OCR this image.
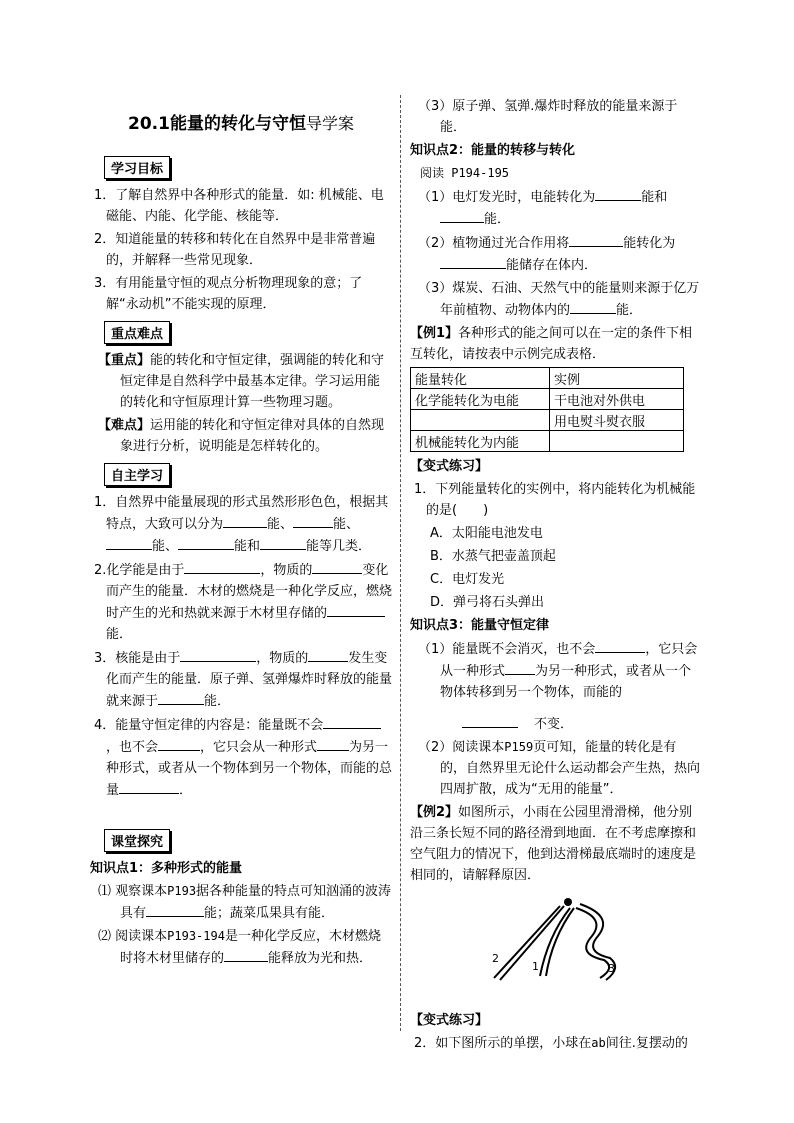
20.1能量的转化与守恒导学案
学习目标

1．了解自然界中各种形式的能量．如: 机械能、电磁能、内能、化学能、核能等．

2．知道能量的转移和转化在自然界中是非常普遍的，并解释一些常见现象．

3．有用能量守恒的观点分析物理现象的意；了解“永动机”不能实现的原理．

重点难点

【重点】能的转化和守恒定律，强调能的转化和守恒定律是自然科学中最基本定律。学习运用能的转化和守恒原理计算一些物理习题。

【难点】运用能的转化和守恒定律对具体的自然现象进行分析，说明能是怎样转化的。

自主学习

1．自然界中能量展现的形式虽然形形色色，根据其特点，大致可以分为	能、	能、能、	能和	能等几类．

2.化学能是由于	，物质的	变化而产生的能量．木材的燃烧是一种化学反应，燃烧时产生的光和热就来源于木材里存储的能．

3．核能是由于	，物质的	发生变化而产生的能量．原子弹、氢弹爆炸时释放的能量就来源于	能．

4．能量守恒定律的内容是：能量既不会，也不会	，它只会从一种形式 为另一种形式，或者从一个物体到另一个物体，而能的总量	．

课堂探究

知识点1：多种形式的能量

⑴ 观察课本P193据各种能量的特点可知汹涌的波涛具有	能；蔬菜瓜果具有能．

⑵ 阅读课本P193-194是一种化学反应，木材燃烧时将木材里储存的	能释放为光和热．

（3）原子弹、氢弹.爆炸时释放的能量来源于能．

知识点2：能量的转移与转化

阅读 P194-195

（1）电灯发光时，电能转化为	能和能．

（2）植物通过光合作用将	能转化为能储存在体内．

（3）煤炭、石油、天然气中的能量则来源于亿万年前植物、动物体内的	能．

【例1】各种形式的能之间可以在一定的条件下相互转化，请按表中示例完成表格．

能量转化	实例
化学能转化为电能	干电池对外供电
	用电熨斗熨衣服
机械能转化为内能	

【变式练习】

1．下列能量转化的实例中，将内能转化为机械能的是(　　)

A．太阳能电池发电

B．水蒸气把壶盖顶起

C．电灯发光

D．弹弓将石头弹出

知识点3：能量守恒定律

（1）能量既不会消灭，也不会	，它只会从一种形式 为另一种形式，或者从一个物体转移到另一个物体，而能的
不变．

（2）阅读课本P159页可知，能量的转化是有的，自然界里无论什么运动都会产生热，热向四周扩散，成为“无用的能量”．

【例2】如图所示，小雨在公园里滑滑梯，他分别沿三条长短不同的路径滑到地面．在不考虑摩擦和空气阻力的情况下，他到达滑梯最底端时的速度是相同的，请解释原因．

2
1	3

【变式练习】

2．如下图所示的单摆，小球在ab间往.复摆动的
